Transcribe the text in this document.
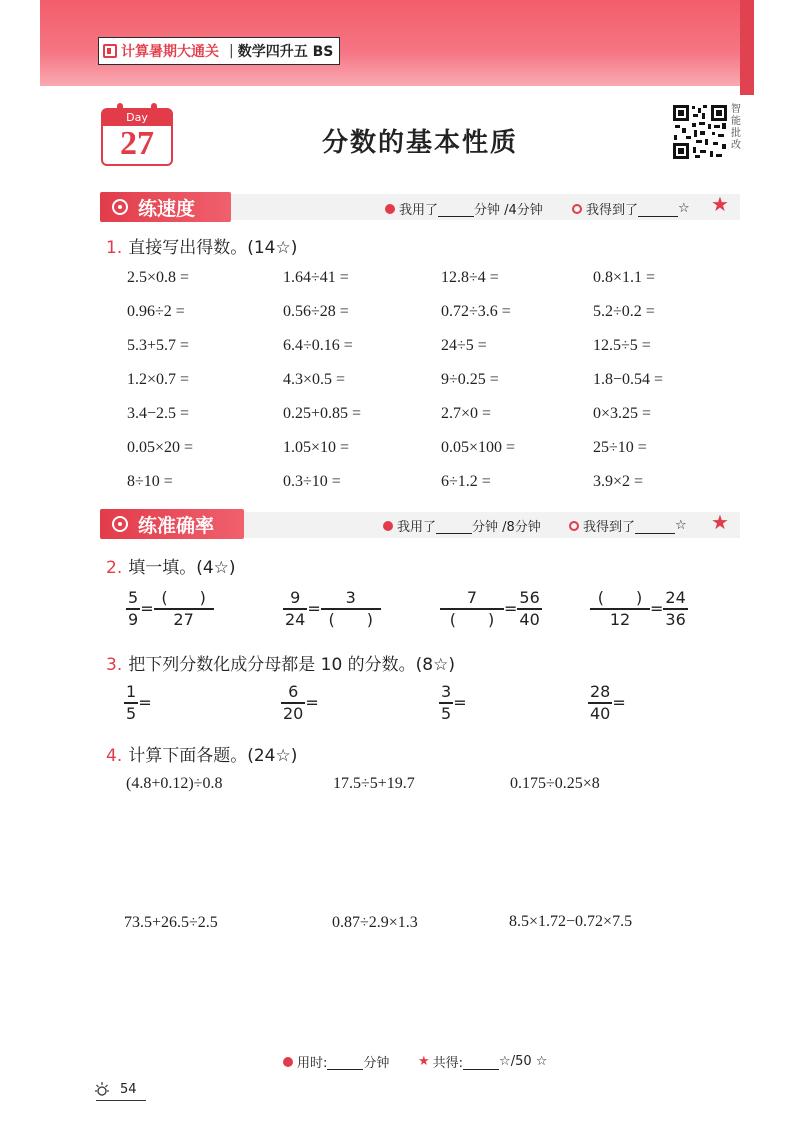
计算暑期大通关 | 数学四升五 BS
Day
27	分数的基本性质
智能批改
练速度	我用了
	分钟 /4分钟	我得到了
	☆ ★
1. 直接写出得数。(14☆)
2.5×0.8 =	1.64÷41 =	12.8÷4 =	0.8×1.1 =
0.96÷2 =	0.56÷28 =	0.72÷3.6 =	5.2÷0.2 =
5.3+5.7 =	6.4÷0.16 =	24÷5 =	12.5÷5 =
1.2×0.7 =	4.3×0.5 =	9÷0.25 =	1.8−0.54 =
3.4−2.5 =	0.25+0.85 =	2.7×0 =	0×3.25 =
0.05×20 =	1.05×10 =	0.05×100 =	25÷10 =
8÷10 =	0.3÷10 =	6÷1.2 =	3.9×2 =
练准确率	我用了
	分钟 /8分钟	我得到了
	☆ ★
2. 填一填。(4☆)
$\frac{5}{9} = \frac{( )}{27}$	$\frac{9}{24} = \frac{3}{( )}$	$\frac{7}{( )} = \frac{56}{40}$	$\frac{( )}{12} = \frac{24}{36}$
3. 把下列分数化成分母都是 10 的分数。(8☆)
$\frac{1}{5}$ =	$\frac{6}{20}$ =	$\frac{3}{5}$ =	$\frac{28}{40}$ =
4. 计算下面各题。(24☆)
(4.8+0.12)÷0.8	17.5÷5+19.7	0.175÷0.25×8
73.5+26.5÷2.5	0.87÷2.9×1.3	8.5×1.72−0.72×7.5
用时:
	分钟 ★ 共得:
	☆/50 ☆
54
